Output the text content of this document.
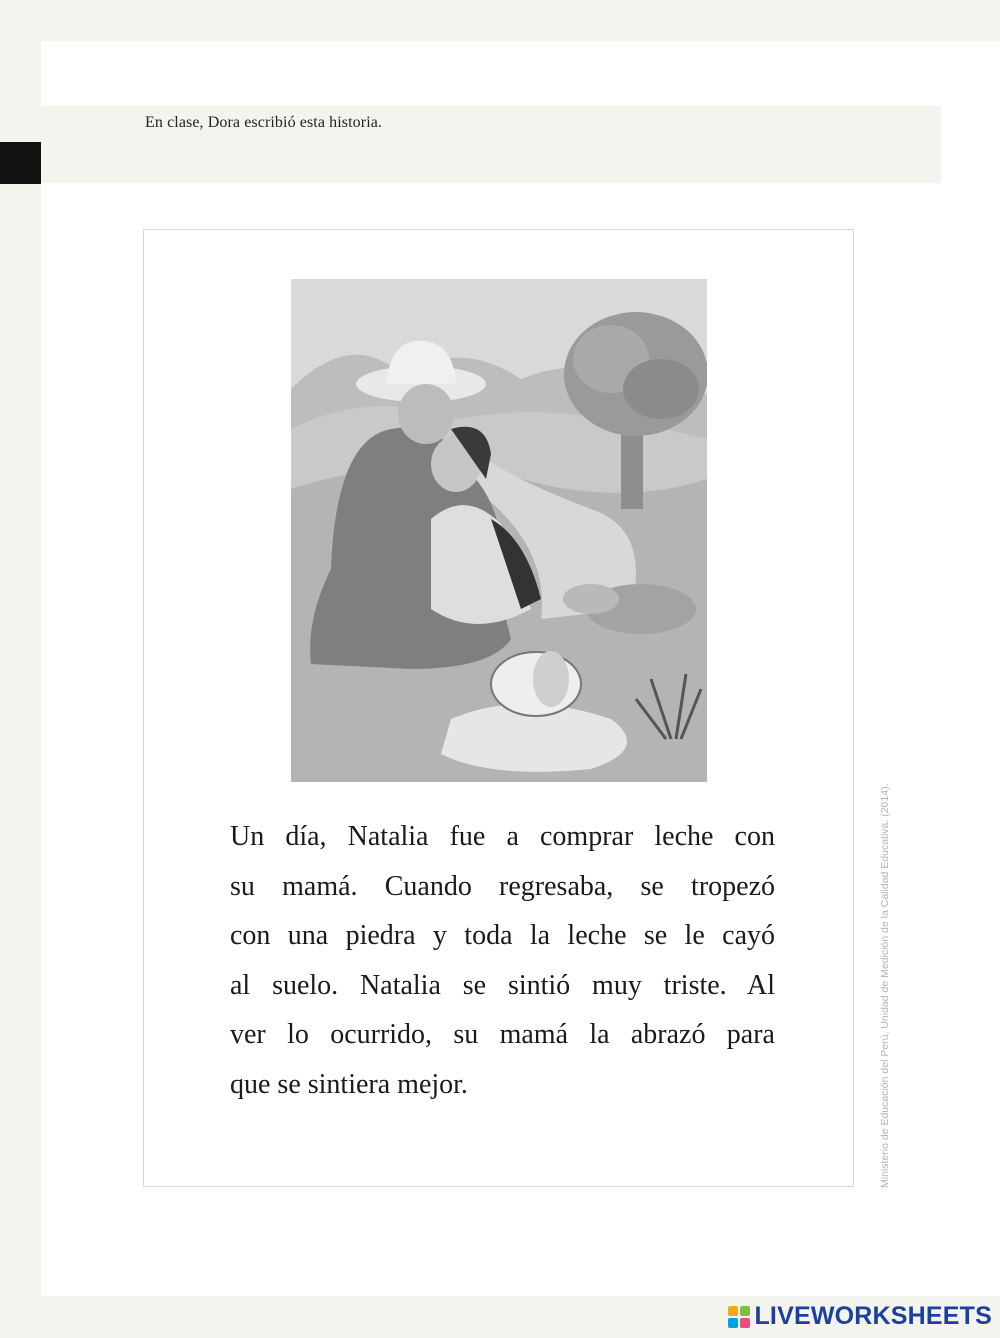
En clase, Dora escribió esta historia.
Un día, Natalia fue a comprar leche con
su mamá. Cuando regresaba, se tropezó
con una piedra y toda la leche se le cayó
al suelo. Natalia se sintió muy triste. Al
ver lo ocurrido, su mamá la abrazó para
que se sintiera mejor.	Ministerio de Educación del Perú, Unidad de Medición de la Calidad Educativa. (2014).
LIVEWORKSHEETS
